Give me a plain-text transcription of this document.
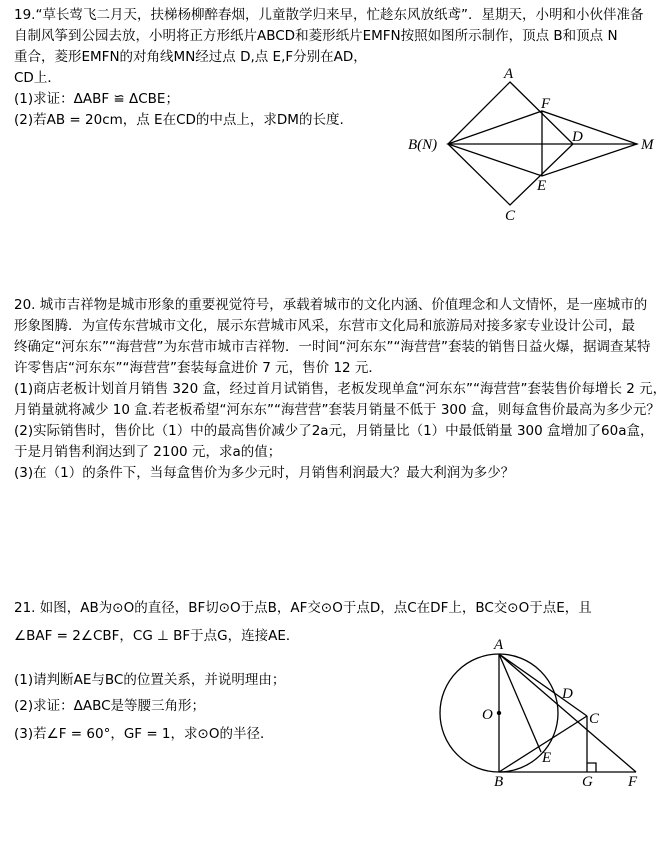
19.“草长莺飞二月天，扶梯杨柳醉春烟，儿童散学归来早，忙趁东风放纸鸢”．星期天，小明和小伙伴准备
自制风筝到公园去放，小明将正方形纸片ABCD和菱形纸片EMFN按照如图所示制作，顶点 B和顶点 N
重合，菱形EMFN的对角线MN经过点 D,点 E,F分别在AD，
CD上．
(1)求证：ΔABF ≌ ΔCBE；
(2)若AB = 20cm，点 E在CD的中点上，求DM的长度.
A
F
B(N)	D	M
E
C
20. 城市吉祥物是城市形象的重要视觉符号，承载着城市的文化内涵、价值理念和人文情怀，是一座城市的
形象图腾．为宣传东营城市文化，展示东营城市风采，东营市文化局和旅游局对接多家专业设计公司，最
终确定“河东东”“海营营”为东营市城市吉祥物．一时间“河东东”“海营营”套装的销售日益火爆，据调查某特
许零售店“河东东”“海营营”套装每盒进价 7 元，售价 12 元．
(1)商店老板计划首月销售 320 盒，经过首月试销售，老板发现单盒“河东东”“海营营”套装售价每增长 2 元，
月销量就将减少 10 盒.若老板希望“河东东”“海营营”套装月销量不低于 300 盒，则每盒售价最高为多少元？
(2)实际销售时，售价比（1）中的最高售价减少了2a元，月销量比（1）中最低销量 300 盒增加了60a盒，
于是月销售利润达到了 2100 元，求a的值；
(3)在（1）的条件下，当每盒售价为多少元时，月销售利润最大？最大利润为多少？
21. 如图，AB为⊙O的直径，BF切⊙O于点B，AF交⊙O于点D，点C在DF上，BC交⊙O于点E，且
∠BAF = 2∠CBF，CG ⊥ BF于点G，连接AE．
(1)请判断AE与BC的位置关系，并说明理由；
(2)求证：ΔABC是等腰三角形；
(3)若∠F = 60°，GF = 1，求⊙O的半径．
A
D
O	C
E
B	G F
